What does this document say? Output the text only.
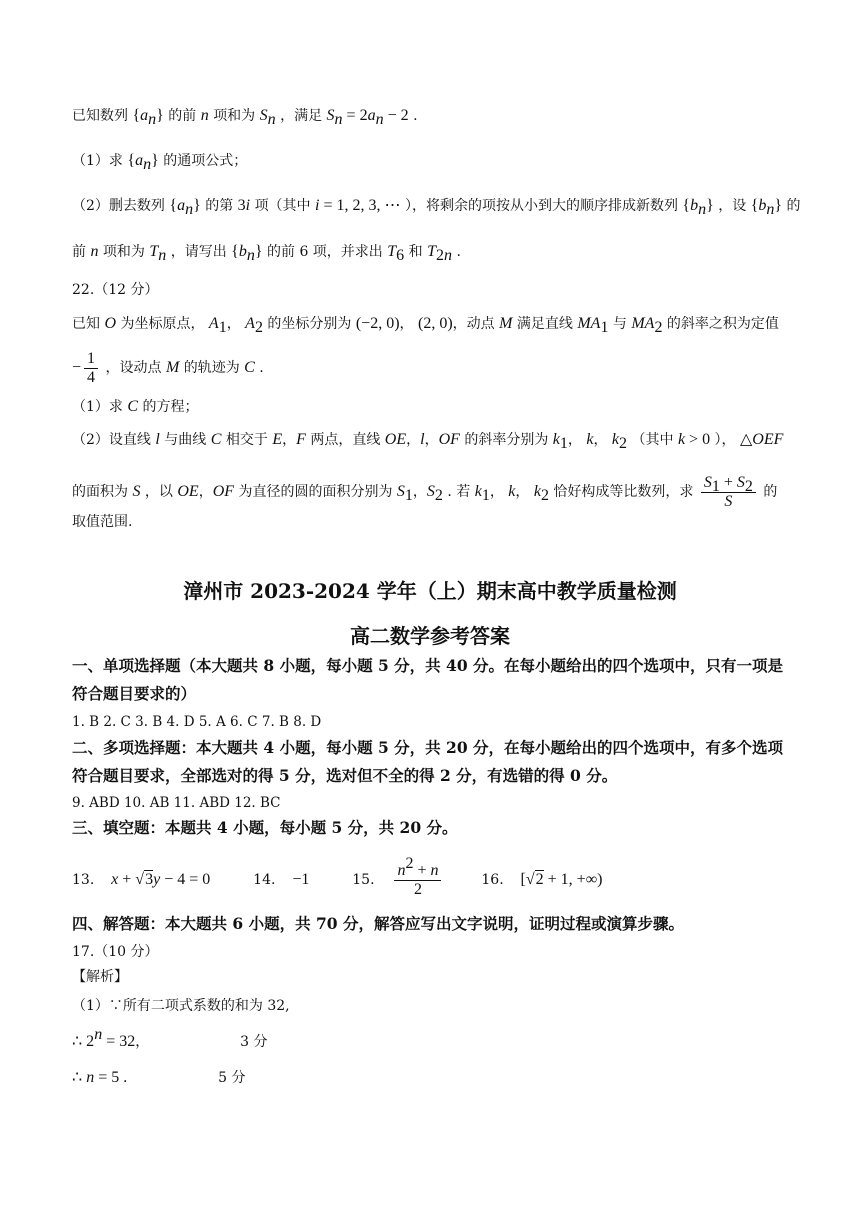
已知数列 $\{a_n\}$ 的前 n 项和为 $S_n$ ，满足 $S_n = 2a_n - 2$ .
（1）求 $\{a_n\}$ 的通项公式；
（2）删去数列 $\{a_n\}$ 的第 3i 项（其中 i = 1, 2, 3, ⋯ ），将剩余的项按从小到大的顺序排成新数列 $\{b_n\}$ ，设 $\{b_n\}$ 的
前 n 项和为 $T_n$ ，请写出 $\{b_n\}$ 的前 6 项，并求出 $T_6$ 和 $T_{2n}$ .
22.（12 分）
已知 O 为坐标原点， $A_1$， $A_2$ 的坐标分别为 (−2, 0)， (2, 0)，动点 M 满足直线 $MA_1$ 与 $MA_2$ 的斜率之积为定值
− $\frac{1}{4}$ ，设动点 M 的轨迹为 C .
（1）求 C 的方程；
（2）设直线 l 与曲线 C 相交于 E，F 两点，直线 OE，l，OF 的斜率分别为 $k_1$， k， $k_2$ （其中 k > 0 ）， △OEF
的面积为 S ，以 OE，OF 为直径的圆的面积分别为 $S_1$，$S_2$ . 若 $k_1$， k， $k_2$ 恰好构成等比数列，求 $\frac{S_1 + S_2}{S}$ 的
取值范围.
漳州市 2023-2024 学年（上）期末高中教学质量检测
高二数学参考答案
一、单项选择题（本大题共 8 小题，每小题 5 分，共 40 分。在每小题给出的四个选项中，只有一项是符合题目要求的）
1. B 2. C 3. B 4. D 5. A 6. C 7. B 8. D
二、多项选择题：本大题共 4 小题，每小题 5 分，共 20 分，在每小题给出的四个选项中，有多个选项符合题目要求，全部选对的得 5 分，选对但不全的得 2 分，有选错的得 0 分。
9. ABD 10. AB 11. ABD 12. BC
三、填空题：本题共 4 小题，每小题 5 分，共 20 分。
13. x + √3y − 4 = 0	14. −1	15. $\frac{n^2 + n}{2}$	16. [√2 + 1, +∞)
四、解答题：本大题共 6 小题，共 70 分，解答应写出文字说明，证明过程或演算步骤。
17.（10 分）
【解析】
（1）∵所有二项式系数的和为 32,
∴ $2^n = 32$，	3 分
∴ n = 5 .	5 分
